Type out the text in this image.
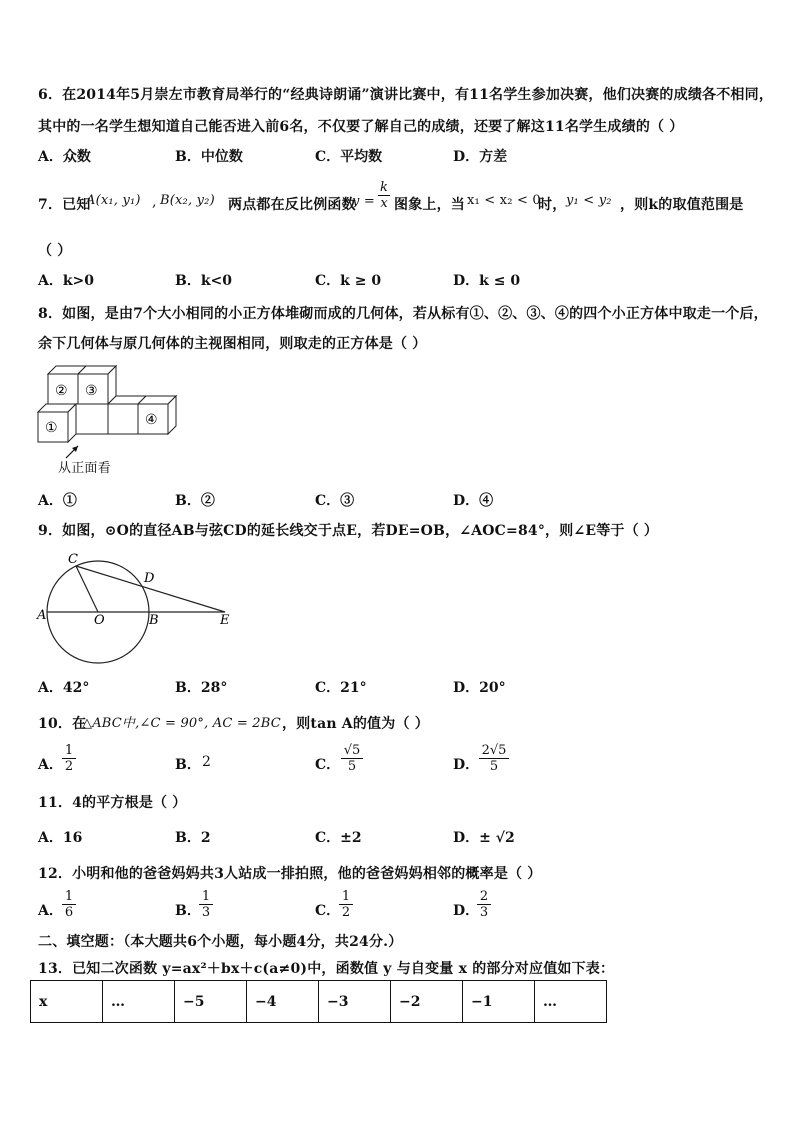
6．在2014年5月崇左市教育局举行的“经典诗朗诵”演讲比赛中，有11名学生参加决赛，他们决赛的成绩各不相同，
其中的一名学生想知道自己能否进入前6名，不仅要了解自己的成绩，还要了解这11名学生成绩的（ ）
A．众数	B．中位数	C．平均数	D．方差
7．已知
A(x₁, y₁) , B(x₂, y₂) 两点都在反比例函数
$y = \frac{k}{x}$ 图象上，当 x₁ < x₂ < 0
时， y₁ < y₂ ，则k的取值范围是
（ ）
A．k>0	B．k<0	C．k ≥ 0	D．k ≤ 0
8．如图，是由7个大小相同的小正方体堆砌而成的几何体，若从标有①、②、③、④的四个小正方体中取走一个后，
余下几何体与原几何体的主视图相同，则取走的正方体是（ ）
② ③
①	④
从正面看
A．①	B．②	C．③	D．④
9．如图，⊙O的直径AB与弦CD的延长线交于点E，若DE=OB，∠AOC=84°，则∠E等于（ ）
C
D
A	O	B	E
A．42°	B．28°	C．21°	D．20°
10．在
△ABC中,∠C = 90°, AC = 2BC ，则tan A的值为（ ）
A． $\frac{1}{2}$	B． 2	C． $\frac{√5}{5}$	D． $\frac{2√5}{5}$
11．4的平方根是（ ）
A．16	B．2	C．±2	D．± √2
12．小明和他的爸爸妈妈共3人站成一排拍照，他的爸爸妈妈相邻的概率是（ ）
A． $\frac{1}{6}$	B．
$\frac{1}{3}$	C．
$\frac{1}{2}$	D．
$\frac{2}{3}$
二、填空题：（本大题共6个小题，每小题4分，共24分.）
13．已知二次函数 y=ax²＋bx＋c(a≠0)中，函数值 y 与自变量 x 的部分对应值如下表：
x	…	−5	−4	−3	−2	−1	…
